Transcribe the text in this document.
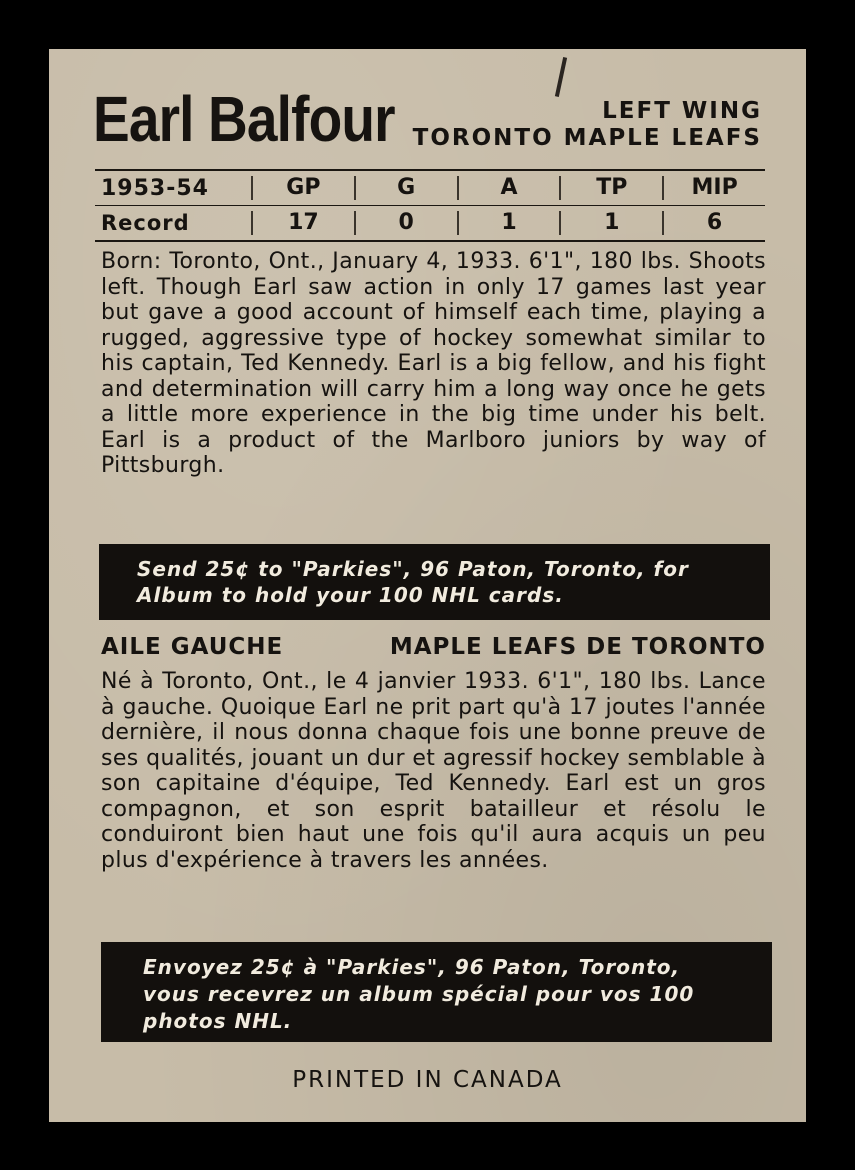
Earl Balfour	LEFT WING
TORONTO MAPLE LEAFS
1953-54	GP	G	A	TP	MIP
Record	17	0	1	1	6
Born: Toronto, Ont., January 4, 1933. 6'1", 180 lbs. Shoots left. Though Earl saw action in only 17 games last year but gave a good account of himself each time, playing a rugged, aggressive type of hockey somewhat similar to his captain, Ted Kennedy. Earl is a big fellow, and his fight and determination will carry him a long way once he gets a little more experience in the big time under his belt. Earl is a product of the Marlboro juniors by way of Pittsburgh.
Send 25¢ to "Parkies", 96 Paton, Toronto, for Album to hold your 100 NHL cards.
AILE GAUCHE	MAPLE LEAFS DE TORONTO
Né à Toronto, Ont., le 4 janvier 1933. 6'1", 180 lbs. Lance à gauche. Quoique Earl ne prit part qu'à 17 joutes l'année dernière, il nous donna chaque fois une bonne preuve de ses qualités, jouant un dur et agressif hockey semblable à son capitaine d'équipe, Ted Kennedy. Earl est un gros compagnon, et son esprit batailleur et résolu le conduiront bien haut une fois qu'il aura acquis un peu plus d'expérience à travers les années.
Envoyez 25¢ à "Parkies", 96 Paton, Toronto, vous recevrez un album spécial pour vos 100 photos NHL.
PRINTED IN CANADA
